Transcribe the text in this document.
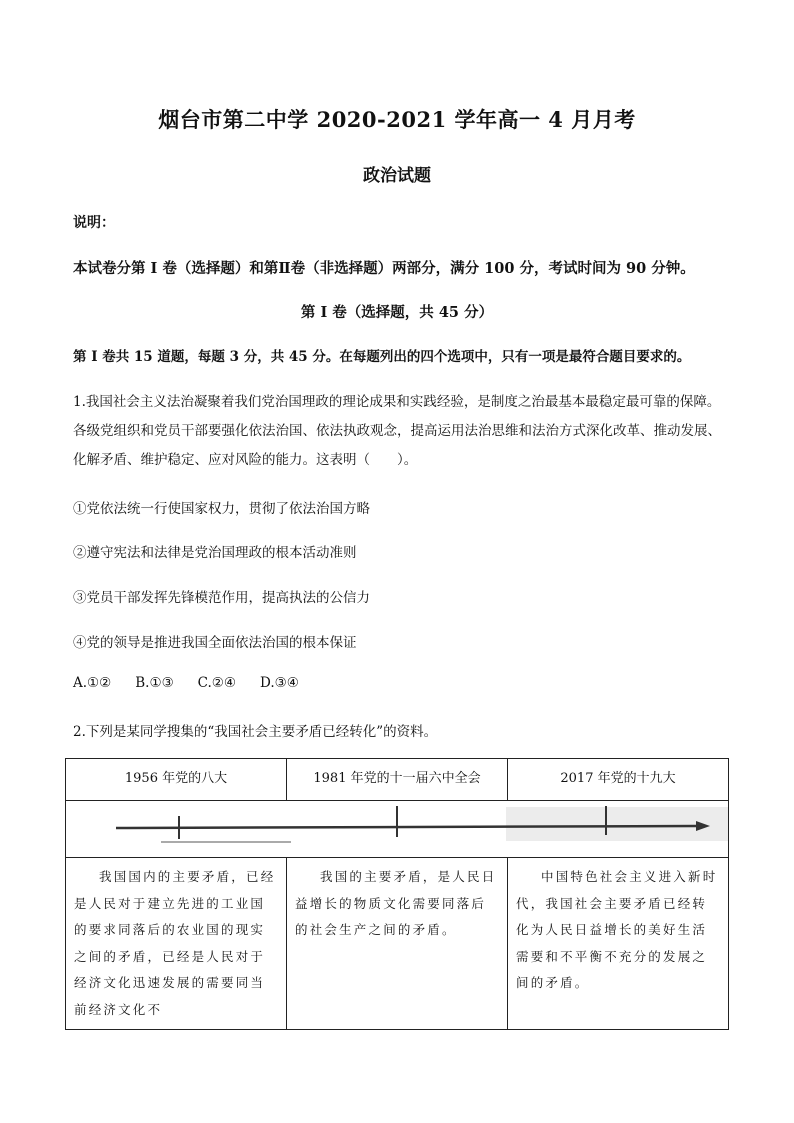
烟台市第二中学 2020-2021 学年高一 4 月月考
政治试题
说明：
本试卷分第 I 卷（选择题）和第Ⅱ卷（非选择题）两部分，满分 100 分，考试时间为 90 分钟。
第 I 卷（选择题，共 45 分）
第 I 卷共 15 道题，每题 3 分，共 45 分。在每题列出的四个选项中，只有一项是最符合题目要求的。
1.我国社会主义法治凝聚着我们党治国理政的理论成果和实践经验，是制度之治最基本最稳定最可靠的保障。各级党组织和党员干部要强化依法治国、依法执政观念，提高运用法治思维和法治方式深化改革、推动发展、化解矛盾、维护稳定、应对风险的能力。这表明（　　）。
①党依法统一行使国家权力，贯彻了依法治国方略
②遵守宪法和法律是党治国理政的根本活动准则
③党员干部发挥先锋模范作用，提高执法的公信力
④党的领导是推进我国全面依法治国的根本保证
A.①② B.①③ C.②④ D.③④
2.下列是某同学搜集的“我国社会主要矛盾已经转化”的资料。
1956 年党的八大	1981 年党的十一届六中全会	2017 年党的十九大

我国国内的主要矛盾，已经是人民对于建立先进的工业国的要求同落后的农业国的现实之间的矛盾，已经是人民对于经济文化迅速发展的需要同当前经济文化不	我国的主要矛盾，是人民日益增长的物质文化需要同落后的社会生产之间的矛盾。	中国特色社会主义进入新时代，我国社会主要矛盾已经转化为人民日益增长的美好生活需要和不平衡不充分的发展之间的矛盾。
